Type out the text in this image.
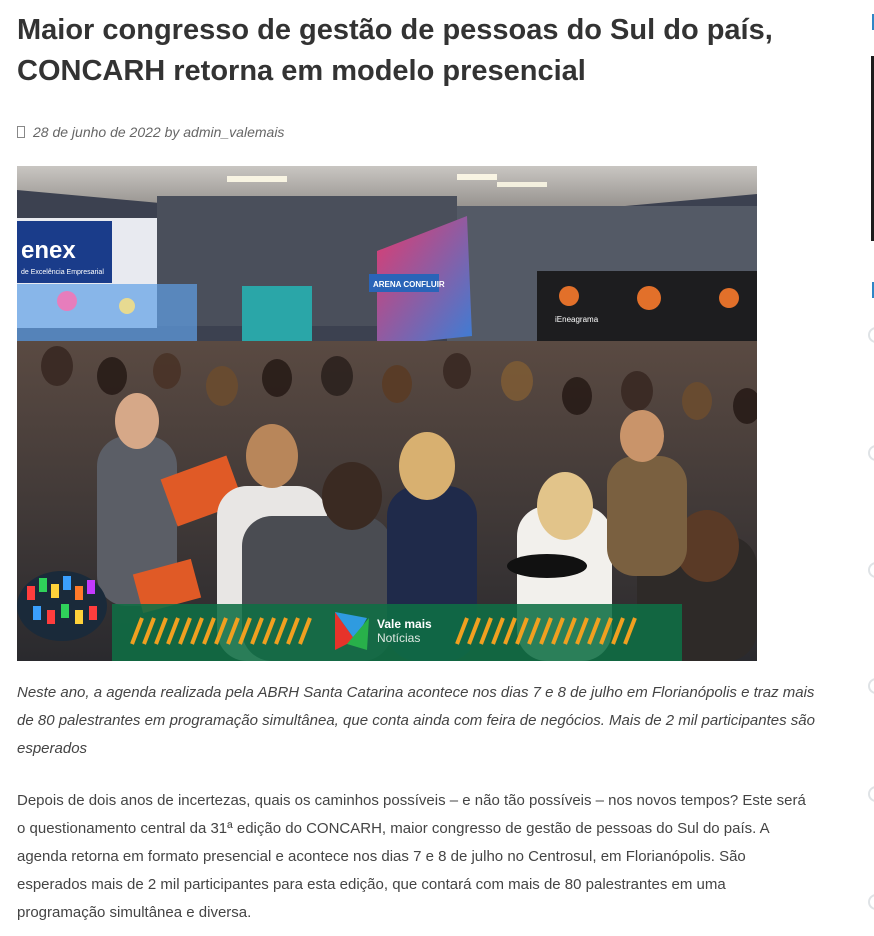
Maior congresso de gestão de pessoas do Sul do país, CONCARH retorna em modelo presencial
28 de junho de 2022 by admin_valemais
enex
de Excelência Empresarial
ARENA CONFLUIR
iEneagrama
Vale mais
Notícias

Neste ano, a agenda realizada pela ABRH Santa Catarina acontece nos dias 7 e 8 de julho em Florianópolis e traz mais de 80 palestrantes em programação simultânea, que conta ainda com feira de negócios. Mais de 2 mil participantes são esperados

Depois de dois anos de incertezas, quais os caminhos possíveis – e não tão possíveis – nos novos tempos? Este será o questionamento central da 31ª edição do CONCARH, maior congresso de gestão de pessoas do Sul do país. A agenda retorna em formato presencial e acontece nos dias 7 e 8 de julho no Centrosul, em Florianópolis. São esperados mais de 2 mil participantes para esta edição, que contará com mais de 80 palestrantes em uma programação simultânea e diversa.
